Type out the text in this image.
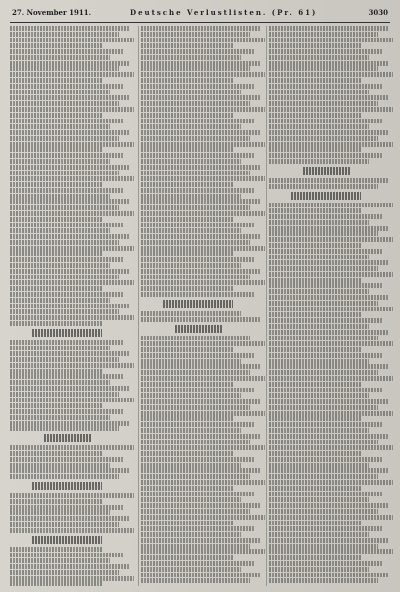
27. November 1911.	Deutsche Verlustlisten. (Pr. 61)	3030
